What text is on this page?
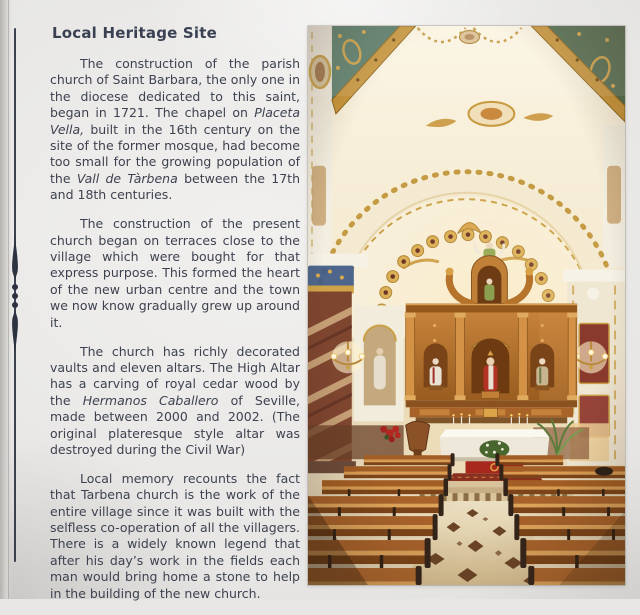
Local Heritage Site

The construction of the parish church of Saint Barbara, the only one in the diocese dedicated to this saint, began in 1721. The chapel on Placeta Vella, built in the 16th century on the site of the former mosque, had become too small for the growing population of the Vall de Tàrbena between the 17th and 18th centuries.

The construction of the present church began on terraces close to the village which were bought for that express purpose. This formed the heart of the new urban centre and the town we now know gradually grew up around it.

The church has richly decorated vaults and eleven altars. The High Altar has a carving of royal cedar wood by the Hermanos Caballero of Seville, made between 2000 and 2002. (The original plateresque style altar was destroyed during the Civil War)

Local memory recounts the fact that Tarbena church is the work of the entire village since it was built with the selfless co-operation of all the villagers. There is a widely known legend that after his day’s work in the fields each man would bring home a stone to help in the building of the new church.
